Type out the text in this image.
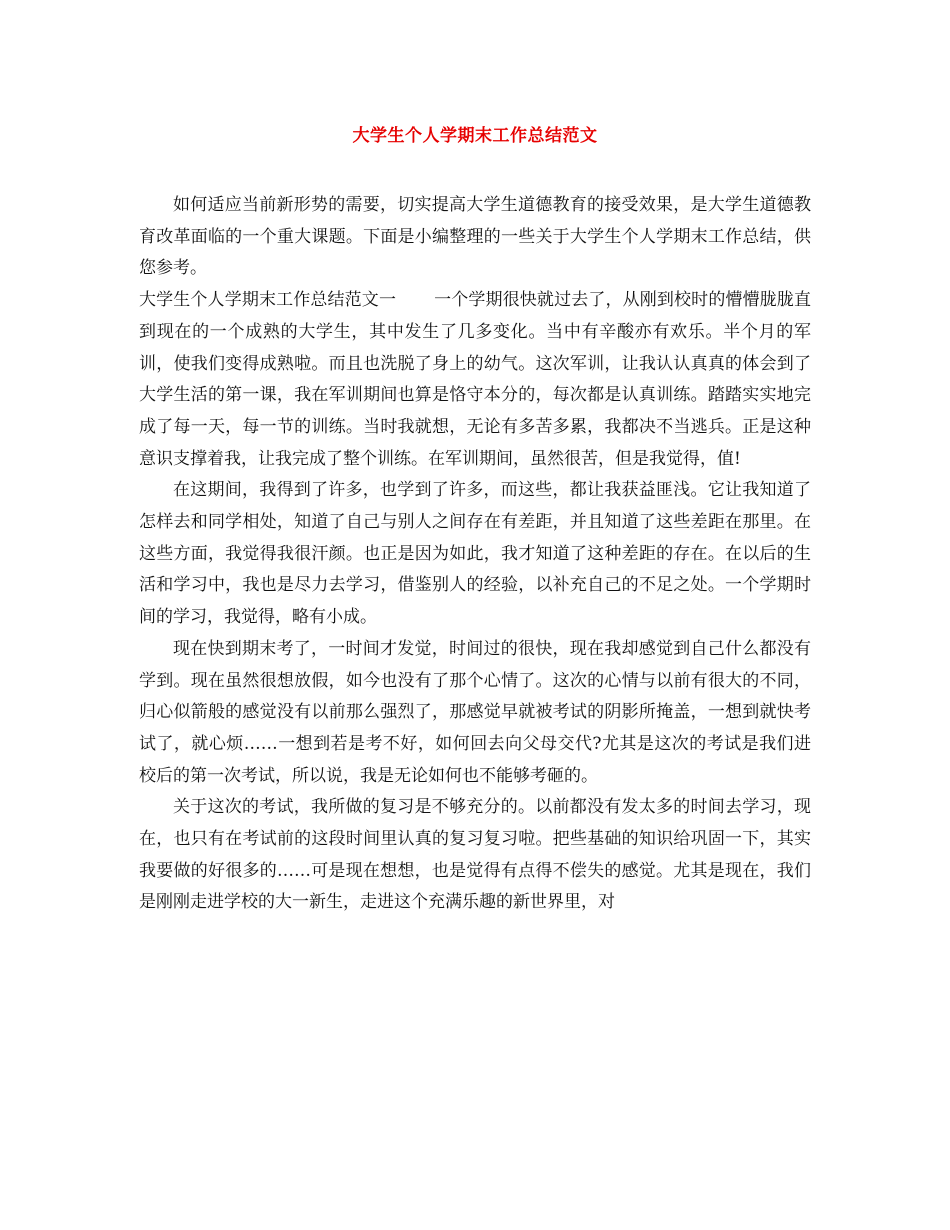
大学生个人学期末工作总结范文

如何适应当前新形势的需要，切实提高大学生道德教育的接受效果，是大学生道德教育改革面临的一个重大课题。下面是小编整理的一些关于大学生个人学期末工作总结，供您参考。

大学生个人学期末工作总结范文一 一个学期很快就过去了，从刚到校时的懵懵胧胧直到现在的一个成熟的大学生，其中发生了几多变化。当中有辛酸亦有欢乐。半个月的军训，使我们变得成熟啦。而且也洗脱了身上的幼气。这次军训，让我认认真真的体会到了大学生活的第一课，我在军训期间也算是恪守本分的，每次都是认真训练。踏踏实实地完成了每一天，每一节的训练。当时我就想，无论有多苦多累，我都决不当逃兵。正是这种意识支撑着我，让我完成了整个训练。在军训期间，虽然很苦，但是我觉得，值!

在这期间，我得到了许多，也学到了许多，而这些，都让我获益匪浅。它让我知道了怎样去和同学相处，知道了自己与别人之间存在有差距，并且知道了这些差距在那里。在这些方面，我觉得我很汗颜。也正是因为如此，我才知道了这种差距的存在。在以后的生活和学习中，我也是尽力去学习，借鉴别人的经验，以补充自己的不足之处。一个学期时间的学习，我觉得，略有小成。

现在快到期末考了，一时间才发觉，时间过的很快，现在我却感觉到自己什么都没有学到。现在虽然很想放假，如今也没有了那个心情了。这次的心情与以前有很大的不同，归心似箭般的感觉没有以前那么强烈了，那感觉早就被考试的阴影所掩盖，一想到就快考试了，就心烦……一想到若是考不好，如何回去向父母交代?尤其是这次的考试是我们进校后的第一次考试，所以说，我是无论如何也不能够考砸的。

关于这次的考试，我所做的复习是不够充分的。以前都没有发太多的时间去学习，现在，也只有在考试前的这段时间里认真的复习复习啦。把些基础的知识给巩固一下，其实我要做的好很多的……可是现在想想，也是觉得有点得不偿失的感觉。尤其是现在，我们是刚刚走进学校的大一新生，走进这个充满乐趣的新世界里，对
